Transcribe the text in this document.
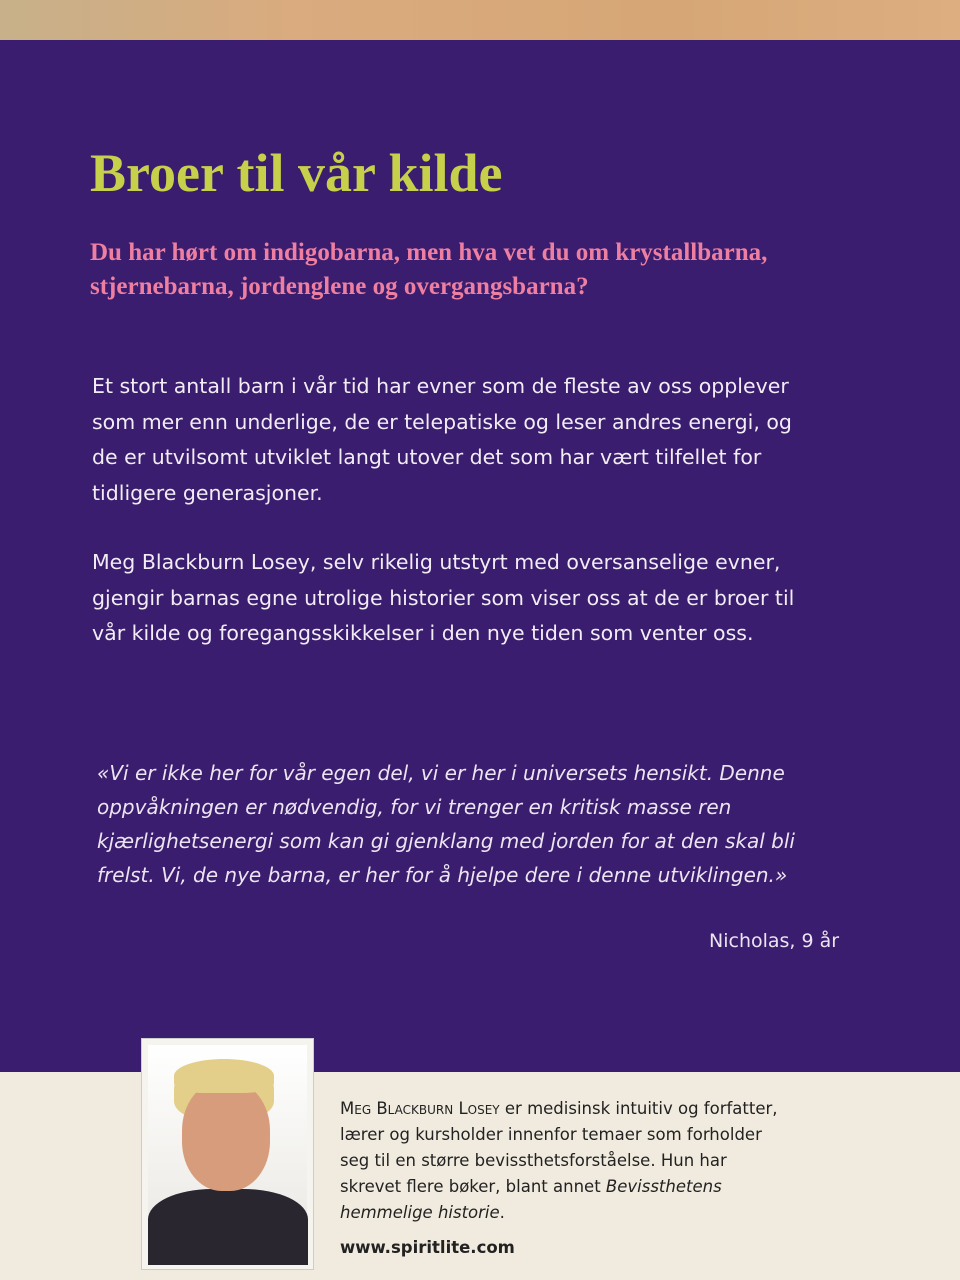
Broer til vår kilde
Du har hørt om indigobarna, men hva vet du om krystallbarna,
stjernebarna, jordenglene og overgangsbarna?
Et stort antall barn i vår tid har evner som de fleste av oss opplever
som mer enn underlige, de er telepatiske og leser andres energi, og
de er utvilsomt utviklet langt utover det som har vært tilfellet for
tidligere generasjoner.
Meg Blackburn Losey, selv rikelig utstyrt med oversanselige evner,
gjengir barnas egne utrolige historier som viser oss at de er broer til
vår kilde og foregangsskikkelser i den nye tiden som venter oss.
«Vi er ikke her for vår egen del, vi er her i universets hensikt. Denne
oppvåkningen er nødvendig, for vi trenger en kritisk masse ren
kjærlighetsenergi som kan gi gjenklang med jorden for at den skal bli
frelst. Vi, de nye barna, er her for å hjelpe dere i denne utviklingen.»
Nicholas, 9 år
Meg Blackburn Losey er medisinsk intuitiv og forfatter,
lærer og kursholder innenfor temaer som forholder
seg til en større bevissthetsforståelse. Hun har
skrevet flere bøker, blant annet Bevissthetens
hemmelige historie.
www.spiritlite.com
